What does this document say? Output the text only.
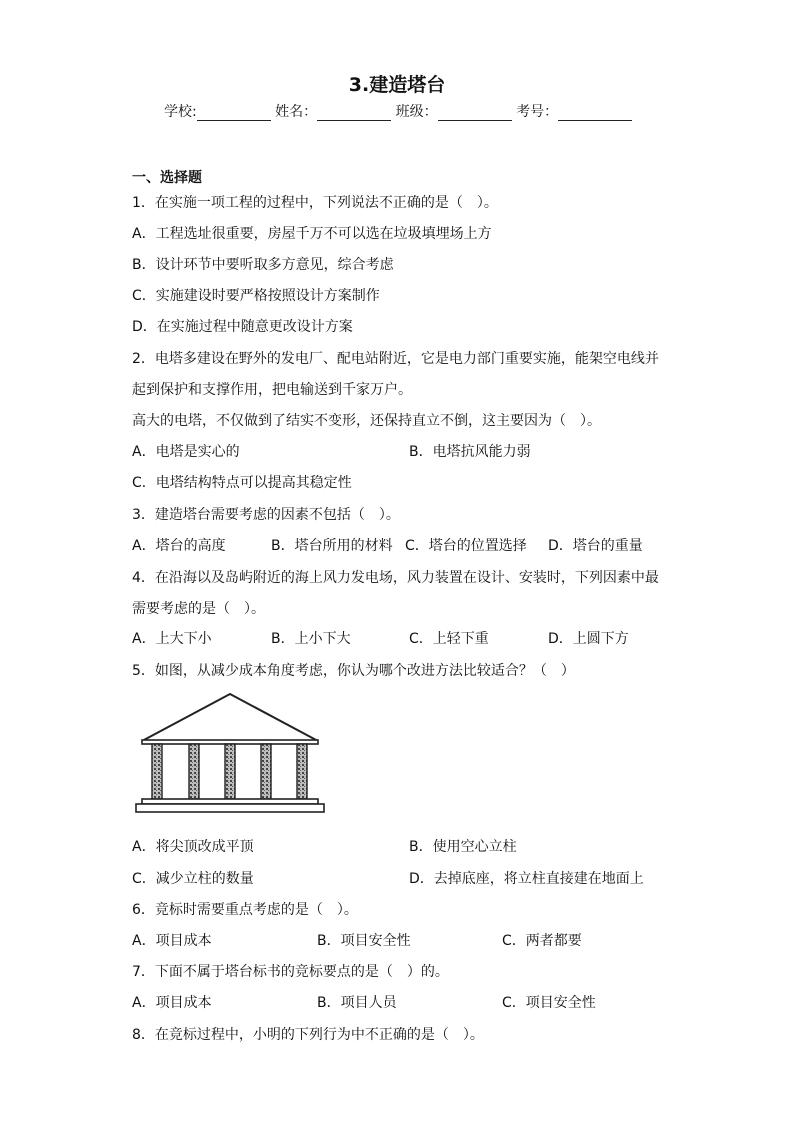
3.建造塔台
学校:	姓名：	班级：	考号：
一、选择题
1．在实施一项工程的过程中，下列说法不正确的是（　）。
A．工程选址很重要，房屋千万不可以选在垃圾填埋场上方
B．设计环节中要听取多方意见，综合考虑
C．实施建设时要严格按照设计方案制作
D．在实施过程中随意更改设计方案
2．电塔多建设在野外的发电厂、配电站附近，它是电力部门重要实施，能架空电线并
起到保护和支撑作用，把电输送到千家万户。
高大的电塔，不仅做到了结实不变形，还保持直立不倒，这主要因为（　）。
A．电塔是实心的	B．电塔抗风能力弱
C．电塔结构特点可以提高其稳定性
3．建造塔台需要考虑的因素不包括（　）。
A．塔台的高度	B．塔台所用的材料 C．塔台的位置选择 D．塔台的重量
4．在沿海以及岛屿附近的海上风力发电场，风力装置在设计、安装时，下列因素中最
需要考虑的是（　）。
A．上大下小	B．上小下大	C．上轻下重	D．上圆下方
5．如图，从减少成本角度考虑，你认为哪个改进方法比较适合？（　）
A．将尖顶改成平顶	B．使用空心立柱
C．减少立柱的数量	D．去掉底座，将立柱直接建在地面上
6．竞标时需要重点考虑的是（　）。
A．项目成本	B．项目安全性	C．两者都要
7．下面不属于塔台标书的竞标要点的是（　）的。
A．项目成本	B．项目人员	C．项目安全性
8．在竞标过程中，小明的下列行为中不正确的是（　）。
